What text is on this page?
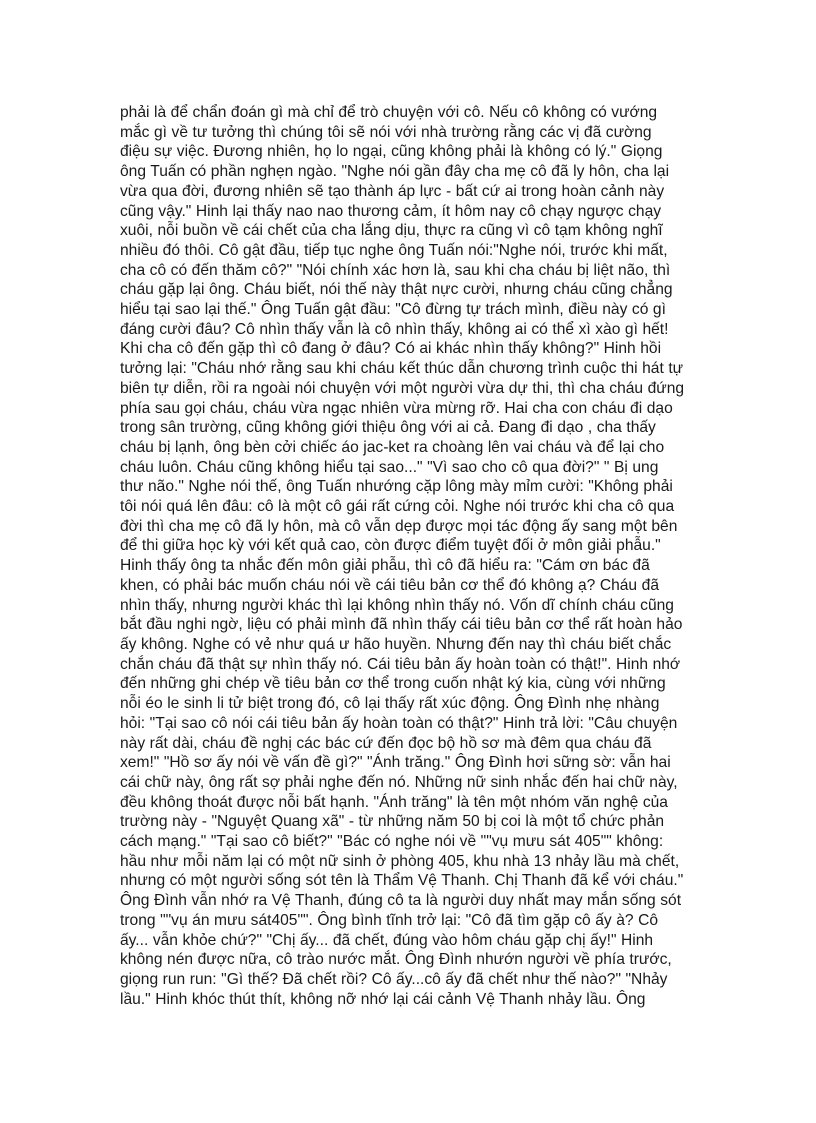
phải là để chẩn đoán gì mà chỉ để trò chuyện với cô. Nếu cô không có vướng
mắc gì về tư tưởng thì chúng tôi sẽ nói với nhà trường rằng các vị đã cường
điệu sự việc. Đương nhiên, họ lo ngại, cũng không phải là không có lý." Giọng
ông Tuấn có phần nghẹn ngào. "Nghe nói gần đây cha mẹ cô đã ly hôn, cha lại
vừa qua đời, đương nhiên sẽ tạo thành áp lực - bất cứ ai trong hoàn cảnh này
cũng vậy." Hinh lại thấy nao nao thương cảm, ít hôm nay cô chạy ngược chạy
xuôi, nỗi buồn về cái chết của cha lắng dịu, thực ra cũng vì cô tạm không nghĩ
nhiều đó thôi. Cô gật đầu, tiếp tục nghe ông Tuấn nói:"Nghe nói, trước khi mất,
cha cô có đến thăm cô?" "Nói chính xác hơn là, sau khi cha cháu bị liệt não, thì
cháu gặp lại ông. Cháu biết, nói thế này thật nực cười, nhưng cháu cũng chẳng
hiểu tại sao lại thế." Ông Tuấn gật đầu: "Cô đừng tự trách mình, điều này có gì
đáng cười đâu? Cô nhìn thấy vẫn là cô nhìn thấy, không ai có thể xì xào gì hết!
Khi cha cô đến gặp thì cô đang ở đâu? Có ai khác nhìn thấy không?" Hinh hồi
tưởng lại: "Cháu nhớ rằng sau khi cháu kết thúc dẫn chương trình cuộc thi hát tự
biên tự diễn, rồi ra ngoài nói chuyện với một người vừa dự thi, thì cha cháu đứng
phía sau gọi cháu, cháu vừa ngạc nhiên vừa mừng rỡ. Hai cha con cháu đi dạo
trong sân trường, cũng không giới thiệu ông với ai cả. Đang đi dạo , cha thấy
cháu bị lạnh, ông bèn cởi chiếc áo jac-ket ra choàng lên vai cháu và để lại cho
cháu luôn. Cháu cũng không hiểu tại sao..." "Vì sao cho cô qua đời?" " Bị ung
thư não." Nghe nói thế, ông Tuấn nhướng cặp lông mày mỉm cười: "Không phải
tôi nói quá lên đâu: cô là một cô gái rất cứng cỏi. Nghe nói trước khi cha cô qua
đời thì cha mẹ cô đã ly hôn, mà cô vẫn dẹp được mọi tác động ấy sang một bên
để thi giữa học kỳ với kết quả cao, còn được điểm tuyệt đối ở môn giải phẫu."
Hinh thấy ông ta nhắc đến môn giải phẫu, thì cô đã hiểu ra: "Cám ơn bác đã
khen, có phải bác muốn cháu nói về cái tiêu bản cơ thể đó không ạ? Cháu đã
nhìn thấy, nhưng người khác thì lại không nhìn thấy nó. Vốn dĩ chính cháu cũng
bắt đầu nghi ngờ, liệu có phải mình đã nhìn thấy cái tiêu bản cơ thể rất hoàn hảo
ấy không. Nghe có vẻ như quá ư hão huyền. Nhưng đến nay thì cháu biết chắc
chắn cháu đã thật sự nhìn thấy nó. Cái tiêu bản ấy hoàn toàn có thật!". Hinh nhớ
đến những ghi chép về tiêu bản cơ thể trong cuốn nhật ký kia, cùng với những
nỗi éo le sinh li tử biệt trong đó, cô lại thấy rất xúc động. Ông Đình nhẹ nhàng
hỏi: "Tại sao cô nói cái tiêu bản ấy hoàn toàn có thật?" Hinh trả lời: "Câu chuyện
này rất dài, cháu đề nghị các bác cứ đến đọc bộ hồ sơ mà đêm qua cháu đã
xem!" "Hồ sơ ấy nói về vấn đề gì?" "Ánh trăng." Ông Đình hơi sững sờ: vẫn hai
cái chữ này, ông rất sợ phải nghe đến nó. Những nữ sinh nhắc đến hai chữ này,
đều không thoát được nỗi bất hạnh. "Ánh trăng" là tên một nhóm văn nghệ của
trường này - "Nguyệt Quang xã" - từ những năm 50 bị coi là một tổ chức phản
cách mạng." "Tại sao cô biết?" "Bác có nghe nói về ""vụ mưu sát 405"" không:
hầu như mỗi năm lại có một nữ sinh ở phòng 405, khu nhà 13 nhảy lầu mà chết,
nhưng có một người sống sót tên là Thẩm Vệ Thanh. Chị Thanh đã kể với cháu."
Ông Đình vẫn nhớ ra Vệ Thanh, đúng cô ta là người duy nhất may mắn sống sót
trong ""vụ án mưu sát405"". Ông bình tĩnh trở lại: "Cô đã tìm gặp cô ấy à? Cô
ấy... vẫn khỏe chứ?" "Chị ấy... đã chết, đúng vào hôm cháu gặp chị ấy!" Hinh
không nén được nữa, cô trào nước mắt. Ông Đình nhướn người về phía trước,
giọng run run: "Gì thế? Đã chết rồi? Cô ấy...cô ấy đã chết như thế nào?" "Nhảy
lầu." Hinh khóc thút thít, không nỡ nhớ lại cái cảnh Vệ Thanh nhảy lầu. Ông
